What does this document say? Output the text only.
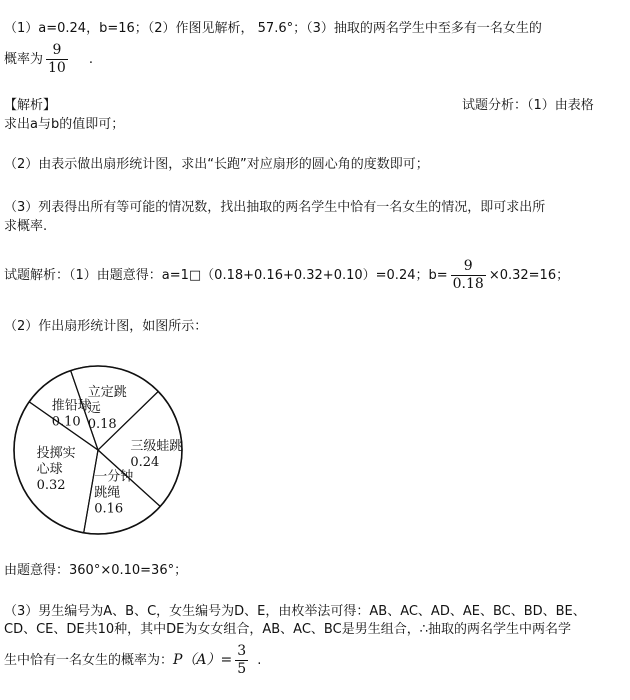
（1）a=0.24，b=16；（2）作图见解析， 57.6°；（3）抽取的两名学生中至多有一名女生的
概率为 $\frac{9}{10}$ .
【解析】	试题分析：（1）由表格
求出a与b的值即可；
（2）由表示做出扇形统计图，求出“长跑”对应扇形的圆心角的度数即可；
（3）列表得出所有等可能的情况数，找出抽取的两名学生中恰有一名女生的情况，即可求出所
求概率.
试题解析：（1）由题意得：a=1□（0.18+0.16+0.32+0.10）=0.24；$b= \frac{9}{0.18} \times 0.32=16$；
（2）作出扇形统计图，如图所示：
立定跳
远
0.18
三级蛙跳
0.24
一分钟
跳绳
0.16
投掷实
心球
0.32
推铅球
0.10
由题意得：360°×0.10=36°；
（3）男生编号为A、B、C，女生编号为D、E，由枚举法可得：AB、AC、AD、AE、BC、BD、BE、
CD、CE、DE共10种，其中DE为女女组合，AB、AC、BC是男生组合，∴抽取的两名学生中两名学
生中恰有一名女生的概率为：$P(A)= \frac{3}{5}$ .
